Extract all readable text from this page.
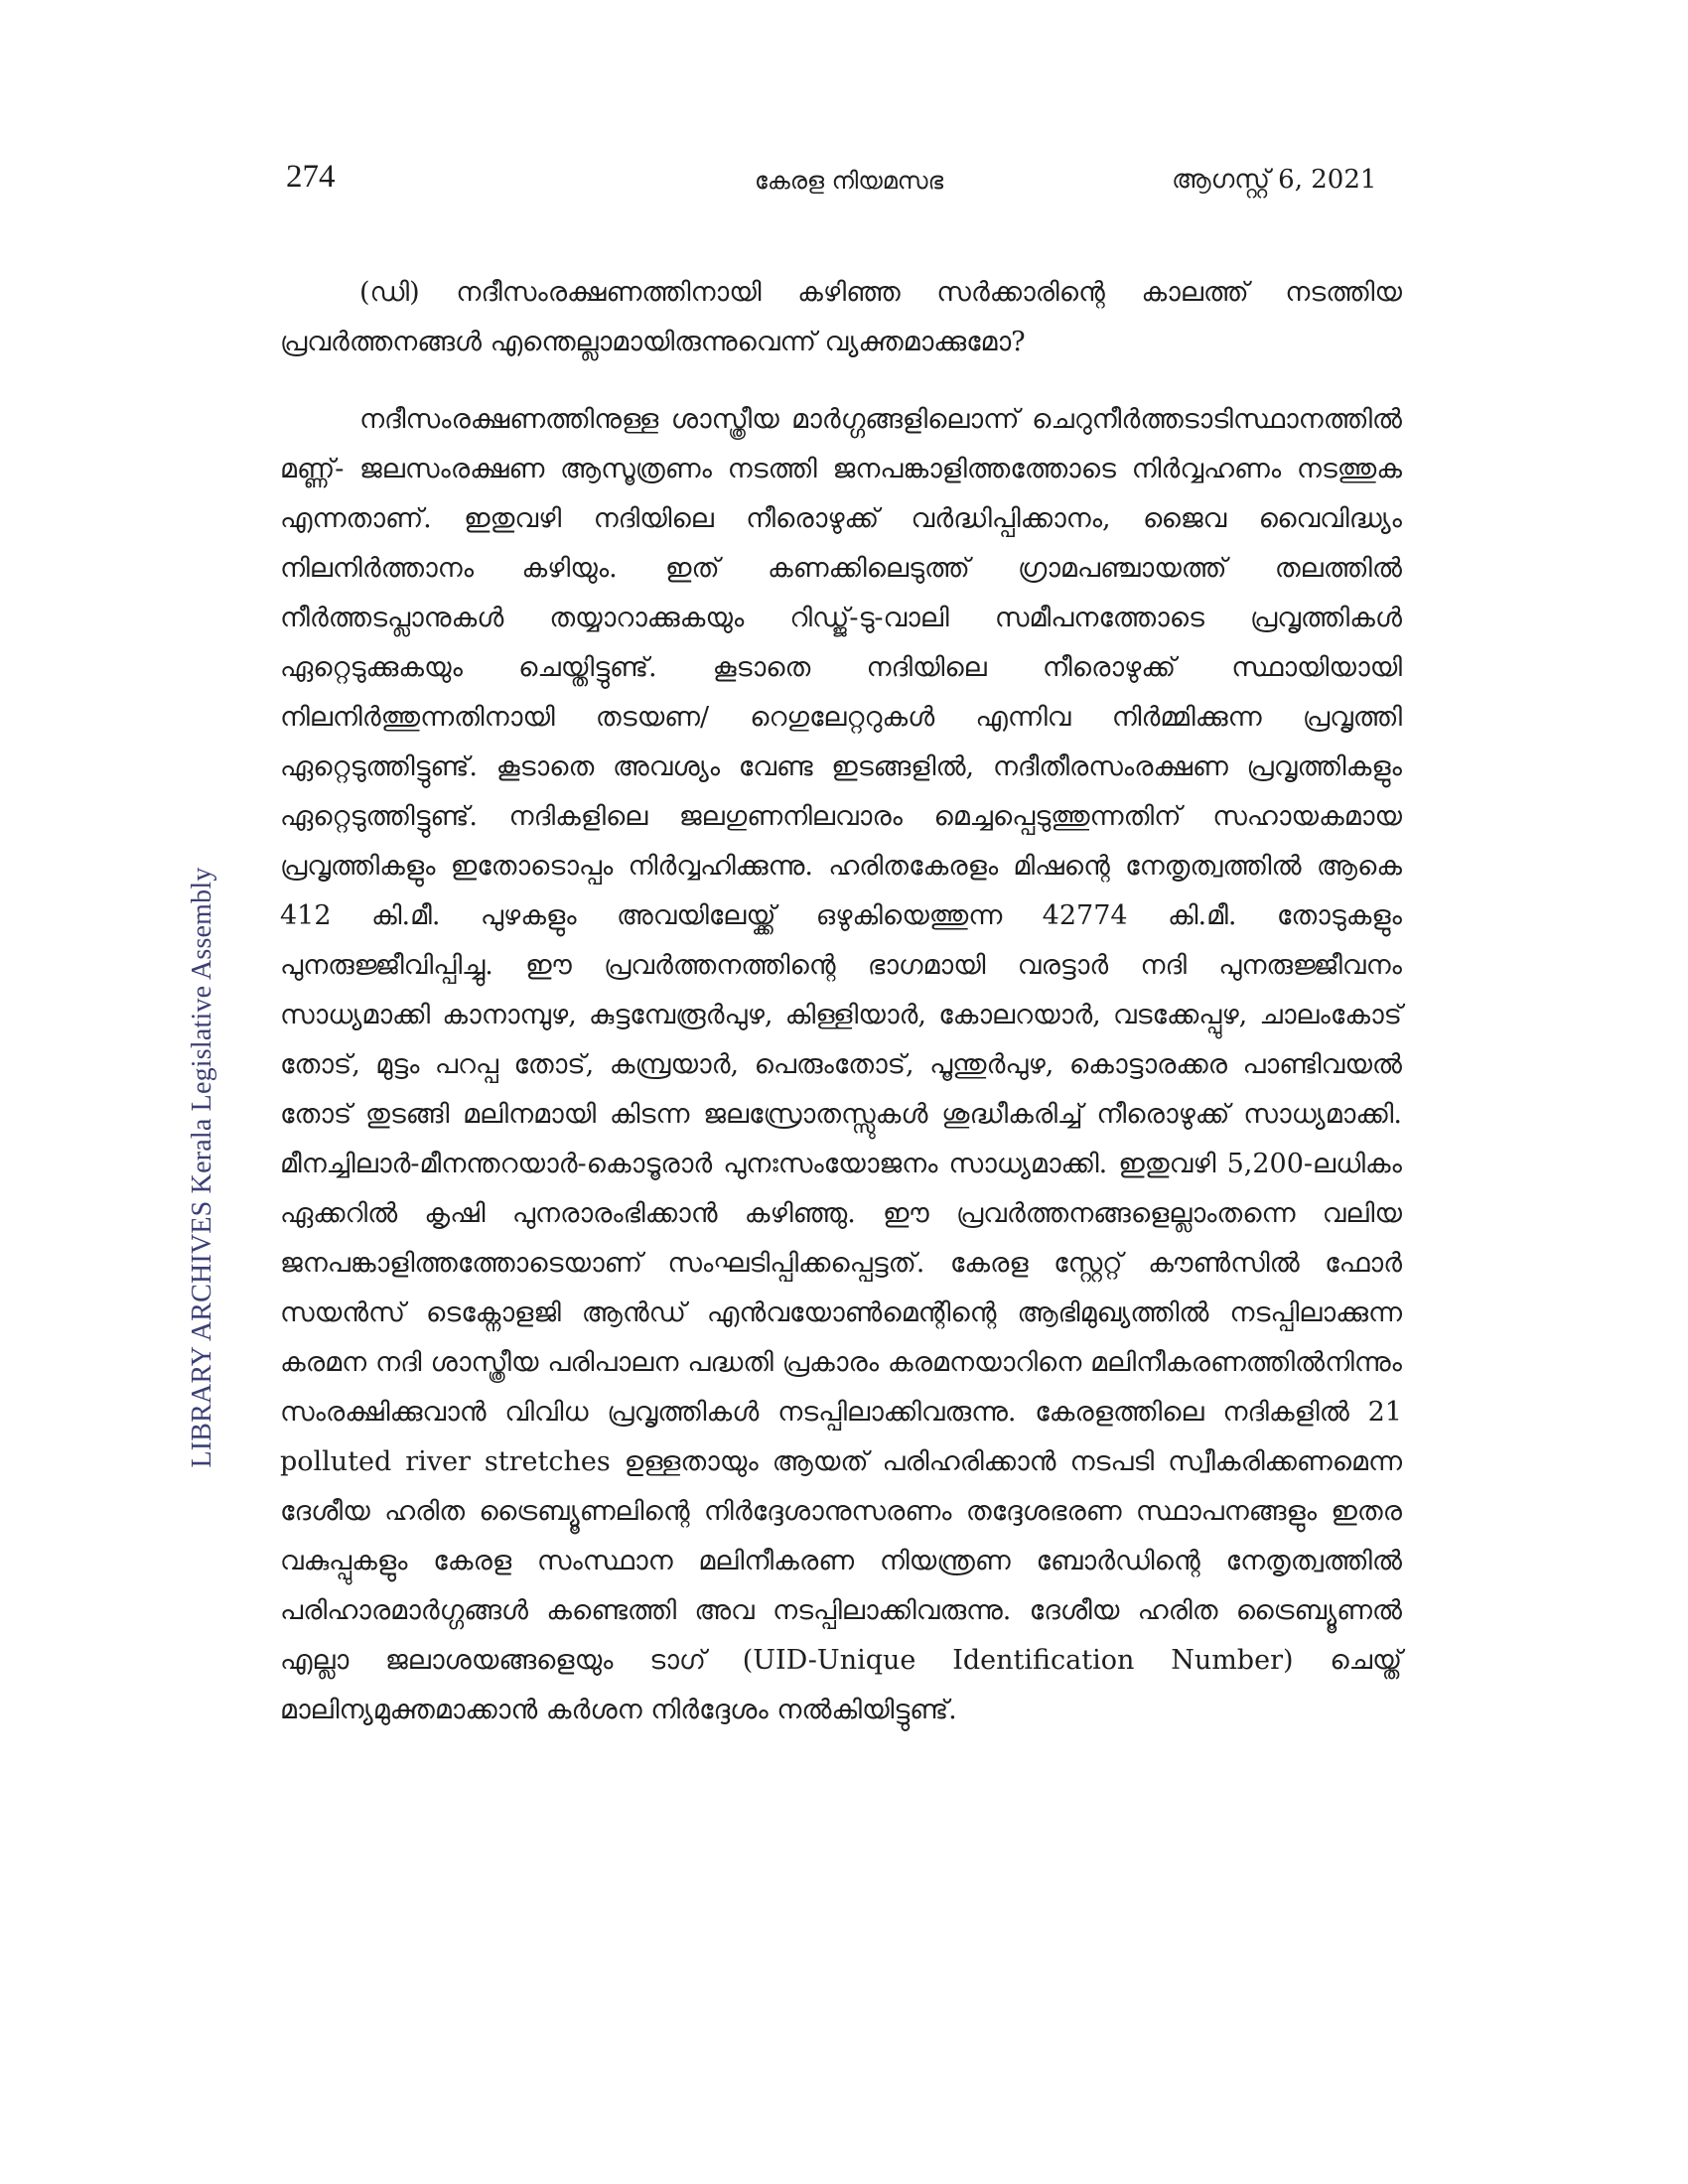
274	കേരള നിയമസഭ	ആഗസ്റ്റ് 6, 2021
LIBRARY ARCHIVES Kerala Legislative Assembly

(ഡി) നദീസംരക്ഷണത്തിനായി കഴിഞ്ഞ സർക്കാരിന്റെ കാലത്ത് നടത്തിയ പ്രവർത്തനങ്ങൾ എന്തെല്ലാമായിരുന്നുവെന്ന് വ്യക്തമാക്കുമോ?

നദീസംരക്ഷണത്തിനുള്ള ശാസ്ത്രീയ മാർഗ്ഗങ്ങളിലൊന്ന് ചെറുനീർത്തടാടിസ്ഥാനത്തിൽ മണ്ണ്- ജലസംരക്ഷണ ആസൂത്രണം നടത്തി ജനപങ്കാളിത്തത്തോടെ നിർവ്വഹണം നടത്തുക എന്നതാണ്. ഇതുവഴി നദിയിലെ നീരൊഴുക്ക് വർദ്ധിപ്പിക്കാനം, ജൈവ വൈവിദ്ധ്യം നിലനിർത്താനം കഴിയും. ഇത് കണക്കിലെടുത്ത് ഗ്രാമപഞ്ചായത്ത് തലത്തിൽ നീർത്തടപ്ലാനുകൾ തയ്യാറാക്കുകയും റിഡ്ജ്-ടു-വാലി സമീപനത്തോടെ പ്രവൃത്തികൾ ഏറ്റെടുക്കുകയും ചെയ്തിട്ടുണ്ട്. കൂടാതെ നദിയിലെ നീരൊഴുക്ക് സ്ഥായിയായി നിലനിർത്തുന്നതിനായി തടയണ/ റെഗുലേറ്ററുകൾ എന്നിവ നിർമ്മിക്കുന്ന പ്രവൃത്തി ഏറ്റെടുത്തിട്ടുണ്ട്. കൂടാതെ അവശ്യം വേണ്ട ഇടങ്ങളിൽ, നദീതീരസംരക്ഷണ പ്രവൃത്തികളും ഏറ്റെടുത്തിട്ടുണ്ട്. നദികളിലെ ജലഗുണനിലവാരം മെച്ചപ്പെടുത്തുന്നതിന് സഹായകമായ പ്രവൃത്തികളും ഇതോടൊപ്പം നിർവ്വഹിക്കുന്നു. ഹരിതകേരളം മിഷന്റെ നേതൃത്വത്തിൽ ആകെ 412 കി.മീ. പുഴകളും അവയിലേയ്ക്ക് ഒഴുകിയെത്തുന്ന 42774 കി.മീ. തോടുകളും പുനരുജ്ജീവിപ്പിച്ചു. ഈ പ്രവർത്തനത്തിന്റെ ഭാഗമായി വരട്ടാർ നദി പുനരുജ്ജീവനം സാധ്യമാക്കി കാനാമ്പുഴ, കുട്ടമ്പേരൂർപുഴ, കിള്ളിയാർ, കോലറയാർ, വടക്കേപ്പുഴ, ചാലംകോട് തോട്, മുട്ടം പറപ്പ തോട്, കമ്പ്രയാർ, പെരുംതോട്, പൂന്തുർപുഴ, കൊട്ടാരക്കര പാണ്ടിവയൽ തോട് തുടങ്ങി മലിനമായി കിടന്ന ജലസ്രോതസ്സുകൾ ശുദ്ധീകരിച്ച് നീരൊഴുക്ക് സാധ്യമാക്കി. മീനച്ചിലാർ-മീനന്തറയാർ-കൊടൂരാർ പുനഃസംയോജനം സാധ്യമാക്കി. ഇതുവഴി 5,200-ലധികം ഏക്കറിൽ കൃഷി പുനരാരംഭിക്കാൻ കഴിഞ്ഞു. ഈ പ്രവർത്തനങ്ങളെല്ലാംതന്നെ വലിയ ജനപങ്കാളിത്തത്തോടെയാണ് സംഘടിപ്പിക്കപ്പെട്ടത്. കേരള സ്റ്റേറ്റ് കൗൺസിൽ ഫോർ സയൻസ് ടെക്നോളജി ആൻഡ് എൻവയോൺമെന്റിന്റെ ആഭിമുഖ്യത്തിൽ നടപ്പിലാക്കുന്ന കരമന നദി ശാസ്ത്രീയ പരിപാലന പദ്ധതി പ്രകാരം കരമനയാറിനെ മലിനീകരണത്തിൽനിന്നും സംരക്ഷിക്കുവാൻ വിവിധ പ്രവൃത്തികൾ നടപ്പിലാക്കിവരുന്നു. കേരളത്തിലെ നദികളിൽ 21 polluted river stretches ഉള്ളതായും ആയത് പരിഹരിക്കാൻ നടപടി സ്വീകരിക്കണമെന്ന ദേശീയ ഹരിത ട്രൈബ്യൂണലിന്റെ നിർദ്ദേശാനുസരണം തദ്ദേശഭരണ സ്ഥാപനങ്ങളും ഇതര വകുപ്പുകളും കേരള സംസ്ഥാന മലിനീകരണ നിയന്ത്രണ ബോർഡിന്റെ നേതൃത്വത്തിൽ പരിഹാരമാർഗ്ഗങ്ങൾ കണ്ടെത്തി അവ നടപ്പിലാക്കിവരുന്നു. ദേശീയ ഹരിത ട്രൈബ്യൂണൽ എല്ലാ ജലാശയങ്ങളെയും ടാഗ് (UID-Unique Identification Number) ചെയ്ത് മാലിന്യമുക്തമാക്കാൻ കർശന നിർദ്ദേശം നൽകിയിട്ടുണ്ട്.
